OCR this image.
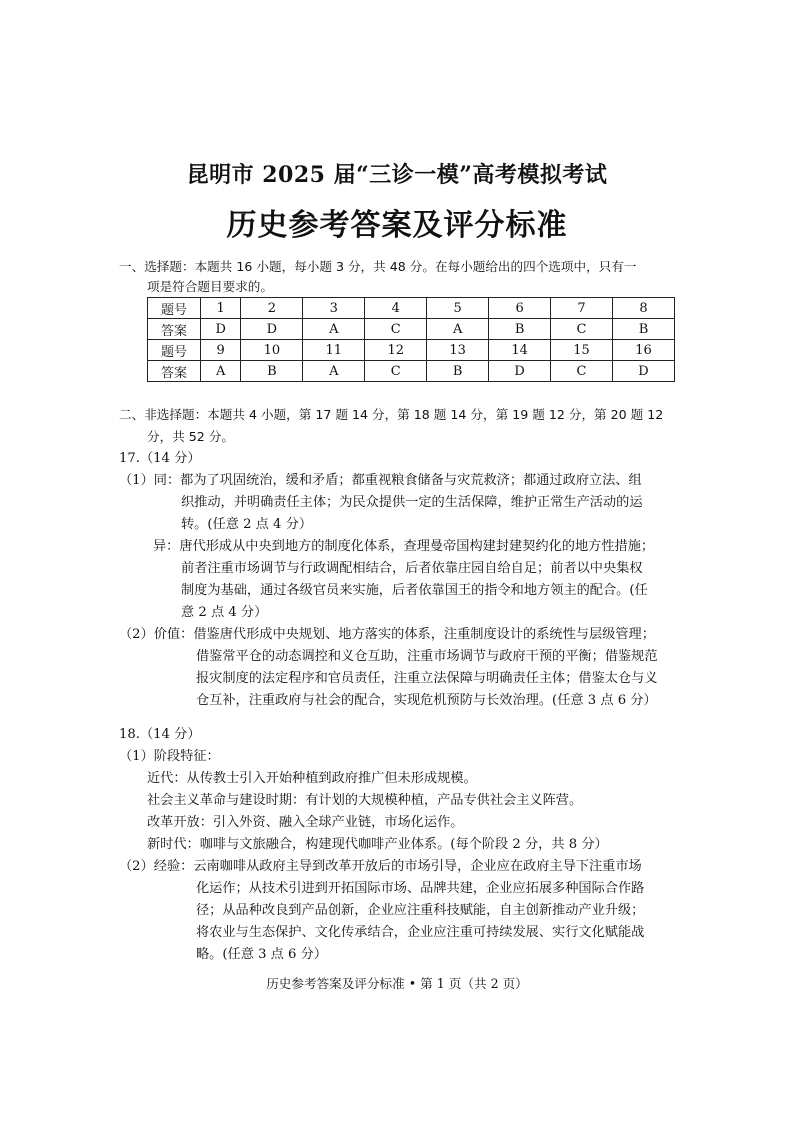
昆明市 2025 届“三诊一模”高考模拟考试
历史参考答案及评分标准
一、选择题：本题共 16 小题，每小题 3 分，共 48 分。在每小题给出的四个选项中，只有一
项是符合题目要求的。
题号	1	2	3	4	5	6	7	8
答案	D	D	A	C	A	B	C	B
题号	9	10	11	12	13	14	15	16
答案	A	B	A	C	B	D	C	D
二、非选择题：本题共 4 小题，第 17 题 14 分，第 18 题 14 分，第 19 题 12 分，第 20 题 12
分，共 52 分。
17.（14 分）
（1）同：都为了巩固统治，缓和矛盾；都重视粮食储备与灾荒救济；都通过政府立法、组
织推动，并明确责任主体；为民众提供一定的生活保障，维护正常生产活动的运
转。(任意 2 点 4 分）
异：唐代形成从中央到地方的制度化体系，查理曼帝国构建封建契约化的地方性措施；
前者注重市场调节与行政调配相结合，后者依靠庄园自给自足；前者以中央集权
制度为基础，通过各级官员来实施，后者依靠国王的指令和地方领主的配合。(任
意 2 点 4 分）
（2）价值：借鉴唐代形成中央规划、地方落实的体系，注重制度设计的系统性与层级管理；
借鉴常平仓的动态调控和义仓互助，注重市场调节与政府干预的平衡；借鉴规范
报灾制度的法定程序和官员责任，注重立法保障与明确责任主体；借鉴太仓与义
仓互补，注重政府与社会的配合，实现危机预防与长效治理。(任意 3 点 6 分）
18.（14 分）
（1）阶段特征：
近代：从传教士引入开始种植到政府推广但未形成规模。
社会主义革命与建设时期：有计划的大规模种植，产品专供社会主义阵营。
改革开放：引入外资、融入全球产业链，市场化运作。
新时代：咖啡与文旅融合，构建现代咖啡产业体系。(每个阶段 2 分，共 8 分）
（2）经验：云南咖啡从政府主导到改革开放后的市场引导，企业应在政府主导下注重市场
化运作；从技术引进到开拓国际市场、品牌共建，企业应拓展多种国际合作路
径；从品种改良到产品创新，企业应注重科技赋能，自主创新推动产业升级；
将农业与生态保护、文化传承结合，企业应注重可持续发展、实行文化赋能战
略。(任意 3 点 6 分）
历史参考答案及评分标准 • 第 1 页（共 2 页）
